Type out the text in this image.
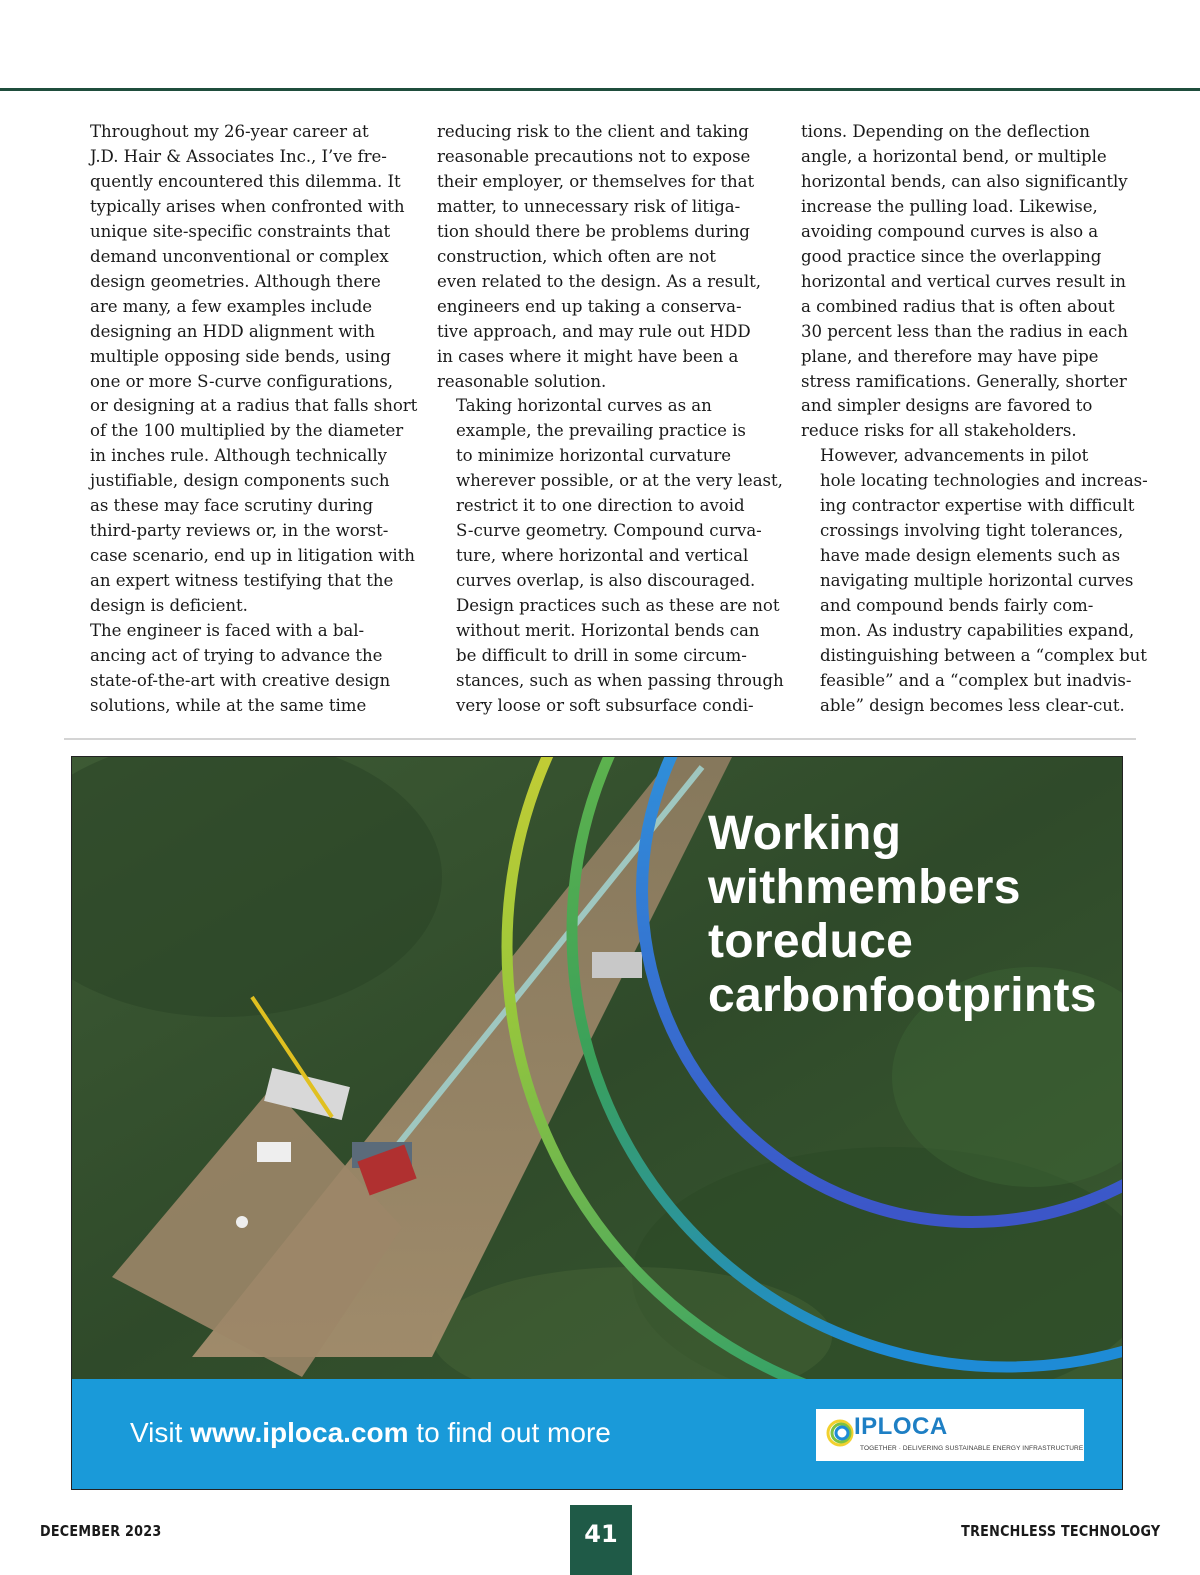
Throughout my 26-year career at
J.D. Hair & Associates Inc., I’ve fre-
quently encountered this dilemma. It
typically arises when confronted with
unique site-specific constraints that
demand unconventional or complex
design geometries. Although there
are many, a few examples include
designing an HDD alignment with
multiple opposing side bends, using
one or more S-curve configurations,
or designing at a radius that falls short
of the 100 multiplied by the diameter
in inches rule. Although technically
justifiable, design components such
as these may face scrutiny during
third-party reviews or, in the worst-
case scenario, end up in litigation with
an expert witness testifying that the
design is deficient.

The engineer is faced with a bal-
ancing act of trying to advance the
state-of-the-art with creative design
solutions, while at the same time

reducing risk to the client and taking
reasonable precautions not to expose
their employer, or themselves for that
matter, to unnecessary risk of litiga-
tion should there be problems during
construction, which often are not
even related to the design. As a result,
engineers end up taking a conserva-
tive approach, and may rule out HDD
in cases where it might have been a
reasonable solution.

Taking horizontal curves as an
example, the prevailing practice is
to minimize horizontal curvature
wherever possible, or at the very least,
restrict it to one direction to avoid
S-curve geometry. Compound curva-
ture, where horizontal and vertical
curves overlap, is also discouraged.
Design practices such as these are not
without merit. Horizontal bends can
be difficult to drill in some circum-
stances, such as when passing through
very loose or soft subsurface condi-

tions. Depending on the deflection
angle, a horizontal bend, or multiple
horizontal bends, can also significantly
increase the pulling load. Likewise,
avoiding compound curves is also a
good practice since the overlapping
horizontal and vertical curves result in
a combined radius that is often about
30 percent less than the radius in each
plane, and therefore may have pipe
stress ramifications. Generally, shorter
and simpler designs are favored to
reduce risks for all stakeholders.

However, advancements in pilot
hole locating technologies and increas-
ing contractor expertise with difficult
crossings involving tight tolerances,
have made design elements such as
navigating multiple horizontal curves
and compound bends fairly com-
mon. As industry capabilities expand,
distinguishing between a “complex but
feasible” and a “complex but inadvis-
able” design becomes less clear-cut.

Working withmembers toreduce carbonfootprints
Visit www.iploca.com to find out more	IPLOCA
TOGETHER · DELIVERING SUSTAINABLE ENERGY INFRASTRUCTURE
DECEMBER 2023	41	TRENCHLESS TECHNOLOGY
